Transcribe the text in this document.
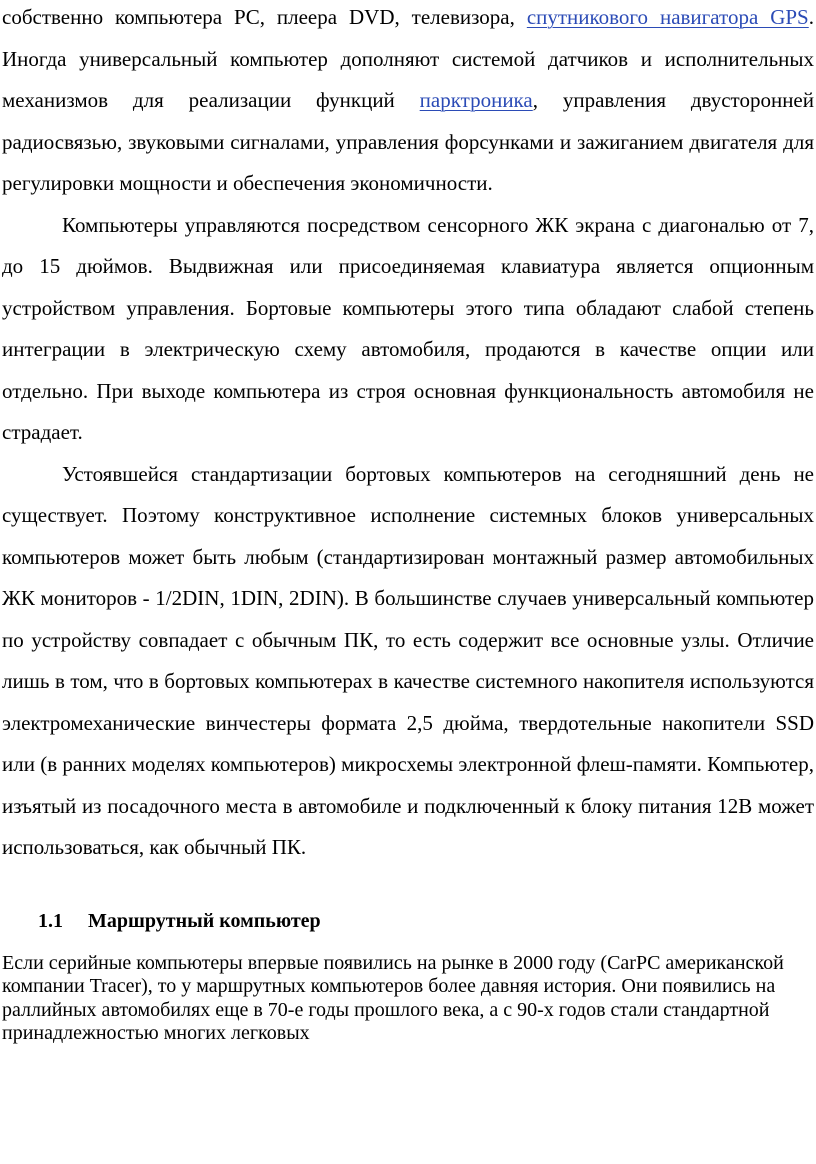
собственно компьютера PC, плеера DVD, телевизора, спутникового навигатора GPS. Иногда универсальный компьютер дополняют системой датчиков и исполнительных механизмов для реализации функций парктроника, управления двусторонней радиосвязью, звуковыми сигналами, управления форсунками и зажиганием двигателя для регулировки мощности и обеспечения экономичности.

Компьютеры управляются посредством сенсорного ЖК экрана с диагональю от 7, до 15 дюймов. Выдвижная или присоединяемая клавиатура является опционным устройством управления. Бортовые компьютеры этого типа обладают слабой степень интеграции в электрическую схему автомобиля, продаются в качестве опции или отдельно. При выходе компьютера из строя основная функциональность автомобиля не страдает.

Устоявшейся стандартизации бортовых компьютеров на сегодняшний день не существует. Поэтому конструктивное исполнение системных блоков универсальных компьютеров может быть любым (стандартизирован монтажный размер автомобильных ЖК мониторов - 1/2DIN, 1DIN, 2DIN). В большинстве случаев универсальный компьютер по устройству совпадает с обычным ПК, то есть содержит все основные узлы. Отличие лишь в том, что в бортовых компьютерах в качестве системного накопителя используются электромеханические винчестеры формата 2,5 дюйма, твердотельные накопители SSD или (в ранних моделях компьютеров) микросхемы электронной флеш-памяти. Компьютер, изъятый из посадочного места в автомобиле и подключенный к блоку питания 12В может использоваться, как обычный ПК.

1.1 Маршрутный компьютер

Если серийные компьютеры впервые появились на рынке в 2000 году (CarPC американской компании Tracer), то у маршрутных компьютеров более давняя история. Они появились на раллийных автомобилях еще в 70-е годы прошлого века, а с 90-х годов стали стандартной принадлежностью многих легковых
